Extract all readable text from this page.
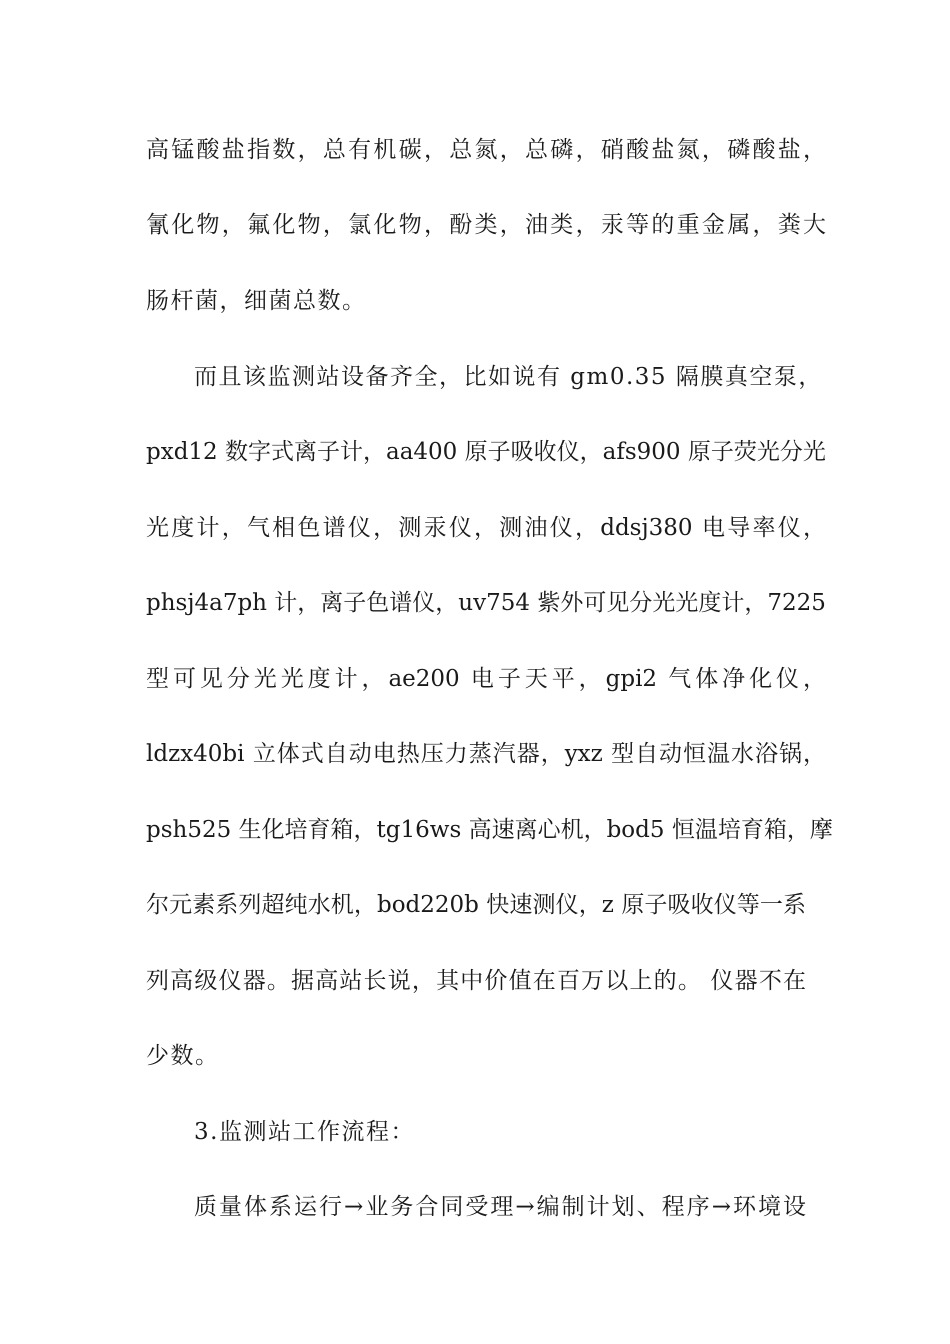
高锰酸盐指数，总有机碳，总氮，总磷，硝酸盐氮，磷酸盐，
氰化物，氟化物，氯化物，酚类，油类，汞等的重金属，粪大
肠杆菌，细菌总数。
而且该监测站设备齐全，比如说有 gm0.35 隔膜真空泵，
pxd12 数字式离子计，aa400 原子吸收仪，afs900 原子荧光分光
光度计，气相色谱仪，测汞仪，测油仪，ddsj380 电导率仪，
phsj4a7ph 计，离子色谱仪，uv754 紫外可见分光光度计，7225
型可见分光光度计，ae200 电子天平，gpi2 气体净化仪，
ldzx40bi 立体式自动电热压力蒸汽器，yxz 型自动恒温水浴锅，
psh525 生化培育箱，tg16ws 高速离心机，bod5 恒温培育箱，摩
尔元素系列超纯水机，bod220b 快速测仪，z 原子吸收仪等一系
列高级仪器。据高站长说，其中价值在百万以上的。 仪器不在
少数。
3.监测站工作流程：
质量体系运行→业务合同受理→编制计划、程序→环境设
